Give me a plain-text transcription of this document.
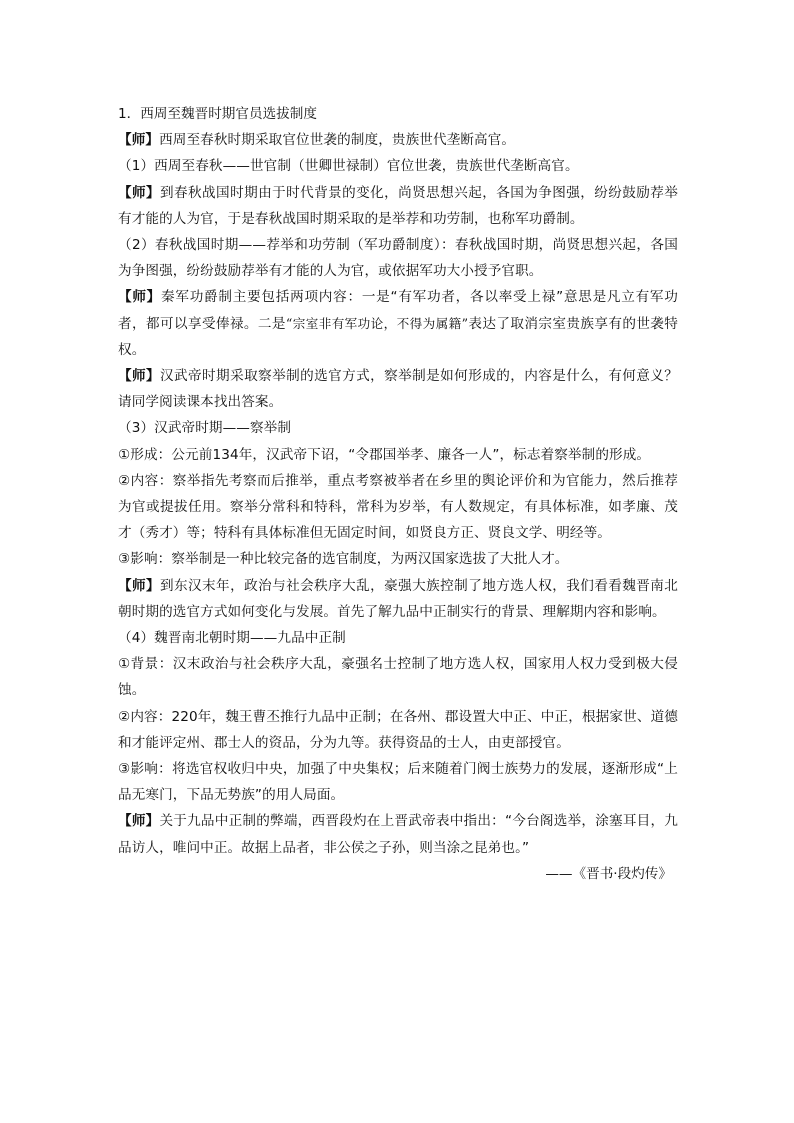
1．西周至魏晋时期官员选拔制度

【师】西周至春秋时期采取官位世袭的制度，贵族世代垄断高官。

（1）西周至春秋——世官制（世卿世禄制）官位世袭，贵族世代垄断高官。

【师】到春秋战国时期由于时代背景的变化，尚贤思想兴起，各国为争图强，纷纷鼓励荐举有才能的人为官，于是春秋战国时期采取的是举荐和功劳制，也称军功爵制。

（2）春秋战国时期——荐举和功劳制（军功爵制度）：春秋战国时期，尚贤思想兴起，各国为争图强，纷纷鼓励荐举有才能的人为官，或依据军功大小授予官职。

【师】秦军功爵制主要包括两项内容：一是“有军功者，各以率受上禄”意思是凡立有军功者，都可以享受俸禄。二是“宗室非有军功论，不得为属籍”表达了取消宗室贵族享有的世袭特权。

【师】汉武帝时期采取察举制的选官方式，察举制是如何形成的，内容是什么，有何意义？请同学阅读课本找出答案。

（3）汉武帝时期——察举制

①形成：公元前134年，汉武帝下诏，“令郡国举孝、廉各一人”，标志着察举制的形成。

②内容：察举指先考察而后推举，重点考察被举者在乡里的舆论评价和为官能力，然后推荐为官或提拔任用。察举分常科和特科，常科为岁举，有人数规定，有具体标准，如孝廉、茂才（秀才）等；特科有具体标准但无固定时间，如贤良方正、贤良文学、明经等。

③影响：察举制是一种比较完备的选官制度，为两汉国家选拔了大批人才。

【师】到东汉末年，政治与社会秩序大乱，豪强大族控制了地方选人权，我们看看魏晋南北朝时期的选官方式如何变化与发展。首先了解九品中正制实行的背景、理解期内容和影响。

（4）魏晋南北朝时期——九品中正制

①背景：汉末政治与社会秩序大乱，豪强名士控制了地方选人权，国家用人权力受到极大侵蚀。

②内容：220年，魏王曹丕推行九品中正制；在各州、郡设置大中正、中正，根据家世、道德和才能评定州、郡士人的资品，分为九等。获得资品的士人，由吏部授官。

③影响：将选官权收归中央，加强了中央集权；后来随着门阀士族势力的发展，逐渐形成“上品无寒门，下品无势族”的用人局面。

【师】关于九品中正制的弊端，西晋段灼在上晋武帝表中指出：“今台阁选举，涂塞耳目，九品访人，唯问中正。故据上品者，非公侯之子孙，则当涂之昆弟也。”

——《晋书·段灼传》
